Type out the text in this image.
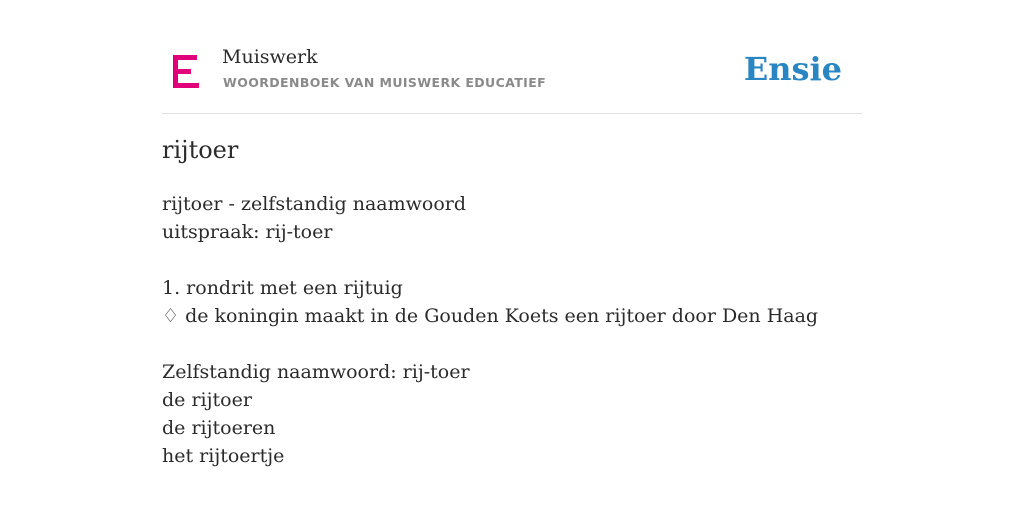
Muiswerk
WOORDENBOEK VAN MUISWERK EDUCATIEF	Ensie
rijtoer
rijtoer - zelfstandig naamwoord
uitspraak: rij-toer
1. rondrit met een rijtuig
♢ de koningin maakt in de Gouden Koets een rijtoer door Den Haag
Zelfstandig naamwoord: rij-toer
de rijtoer
de rijtoeren
het rijtoertje
